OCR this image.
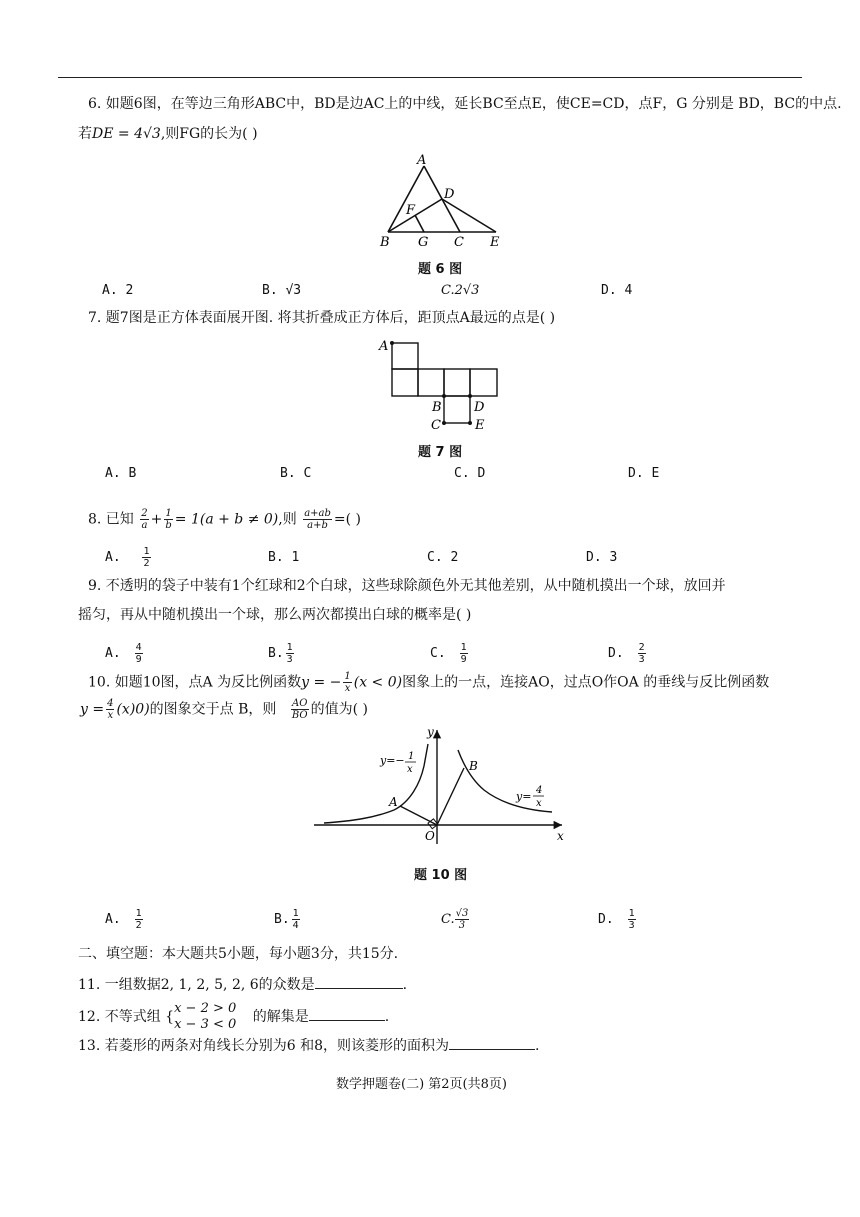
6. 如题6图，在等边三角形ABC中，BD是边AC上的中线，延长BC至点E，使CE=CD，点F，G 分别是 BD，BC的中点.
若DE = 4√3,则FG的长为( )
A
D
F
B G C E
题 6 图
A. 2	B. √3	C.2√3	D. 4
7. 题7图是正方体表面展开图. 将其折叠成正方体后，距顶点A最远的点是( )
A
B D
C	E
题 7 图
A. B	B. C	C. D	D. E
8. 已知 $\frac{2}{a} + \frac{1}{b} = 1(a + b \ne 0)$,则 $\frac{a+ab}{a+b}$ =( )
A. $\frac{1}{2}$	B. 1	C. 2	D. 3
9. 不透明的袋子中装有1个红球和2个白球，这些球除颜色外无其他差别，从中随机摸出一个球，放回并
摇匀，再从中随机摸出一个球，那么两次都摸出白球的概率是( )
A. $\frac{4}{9}$	B. $\frac{1}{3}$	C. $\frac{1}{9}$	D. $\frac{2}{3}$
10. 如题10图，点A 为反比例函数y = − $\frac{1}{x} (x < 0)$图象上的一点，连接AO，过点O作OA 的垂线与反比例函数
$y = \frac{4}{x} (x)0$)的图象交于点 B，则 $\frac{AO}{BO}$ 的值为( )
y=− 1
x
y= 4
x
A
B
O	x
y
题 10 图
A. $\frac{1}{2}$	B. $\frac{1}{4}$	C. $\frac{√3}{3}$	D. $\frac{1}{3}$
二、填空题：本大题共5小题，每小题3分，共15分.
11. 一组数据2, 1, 2, 5, 2, 6的众数是	.
12. 不等式组 {
x − 2 > 0
x − 3 < 0 的解集是	.
13. 若菱形的两条对角线长分别为6 和8，则该菱形的面积为	.
数学押题卷(二) 第2页(共8页)
